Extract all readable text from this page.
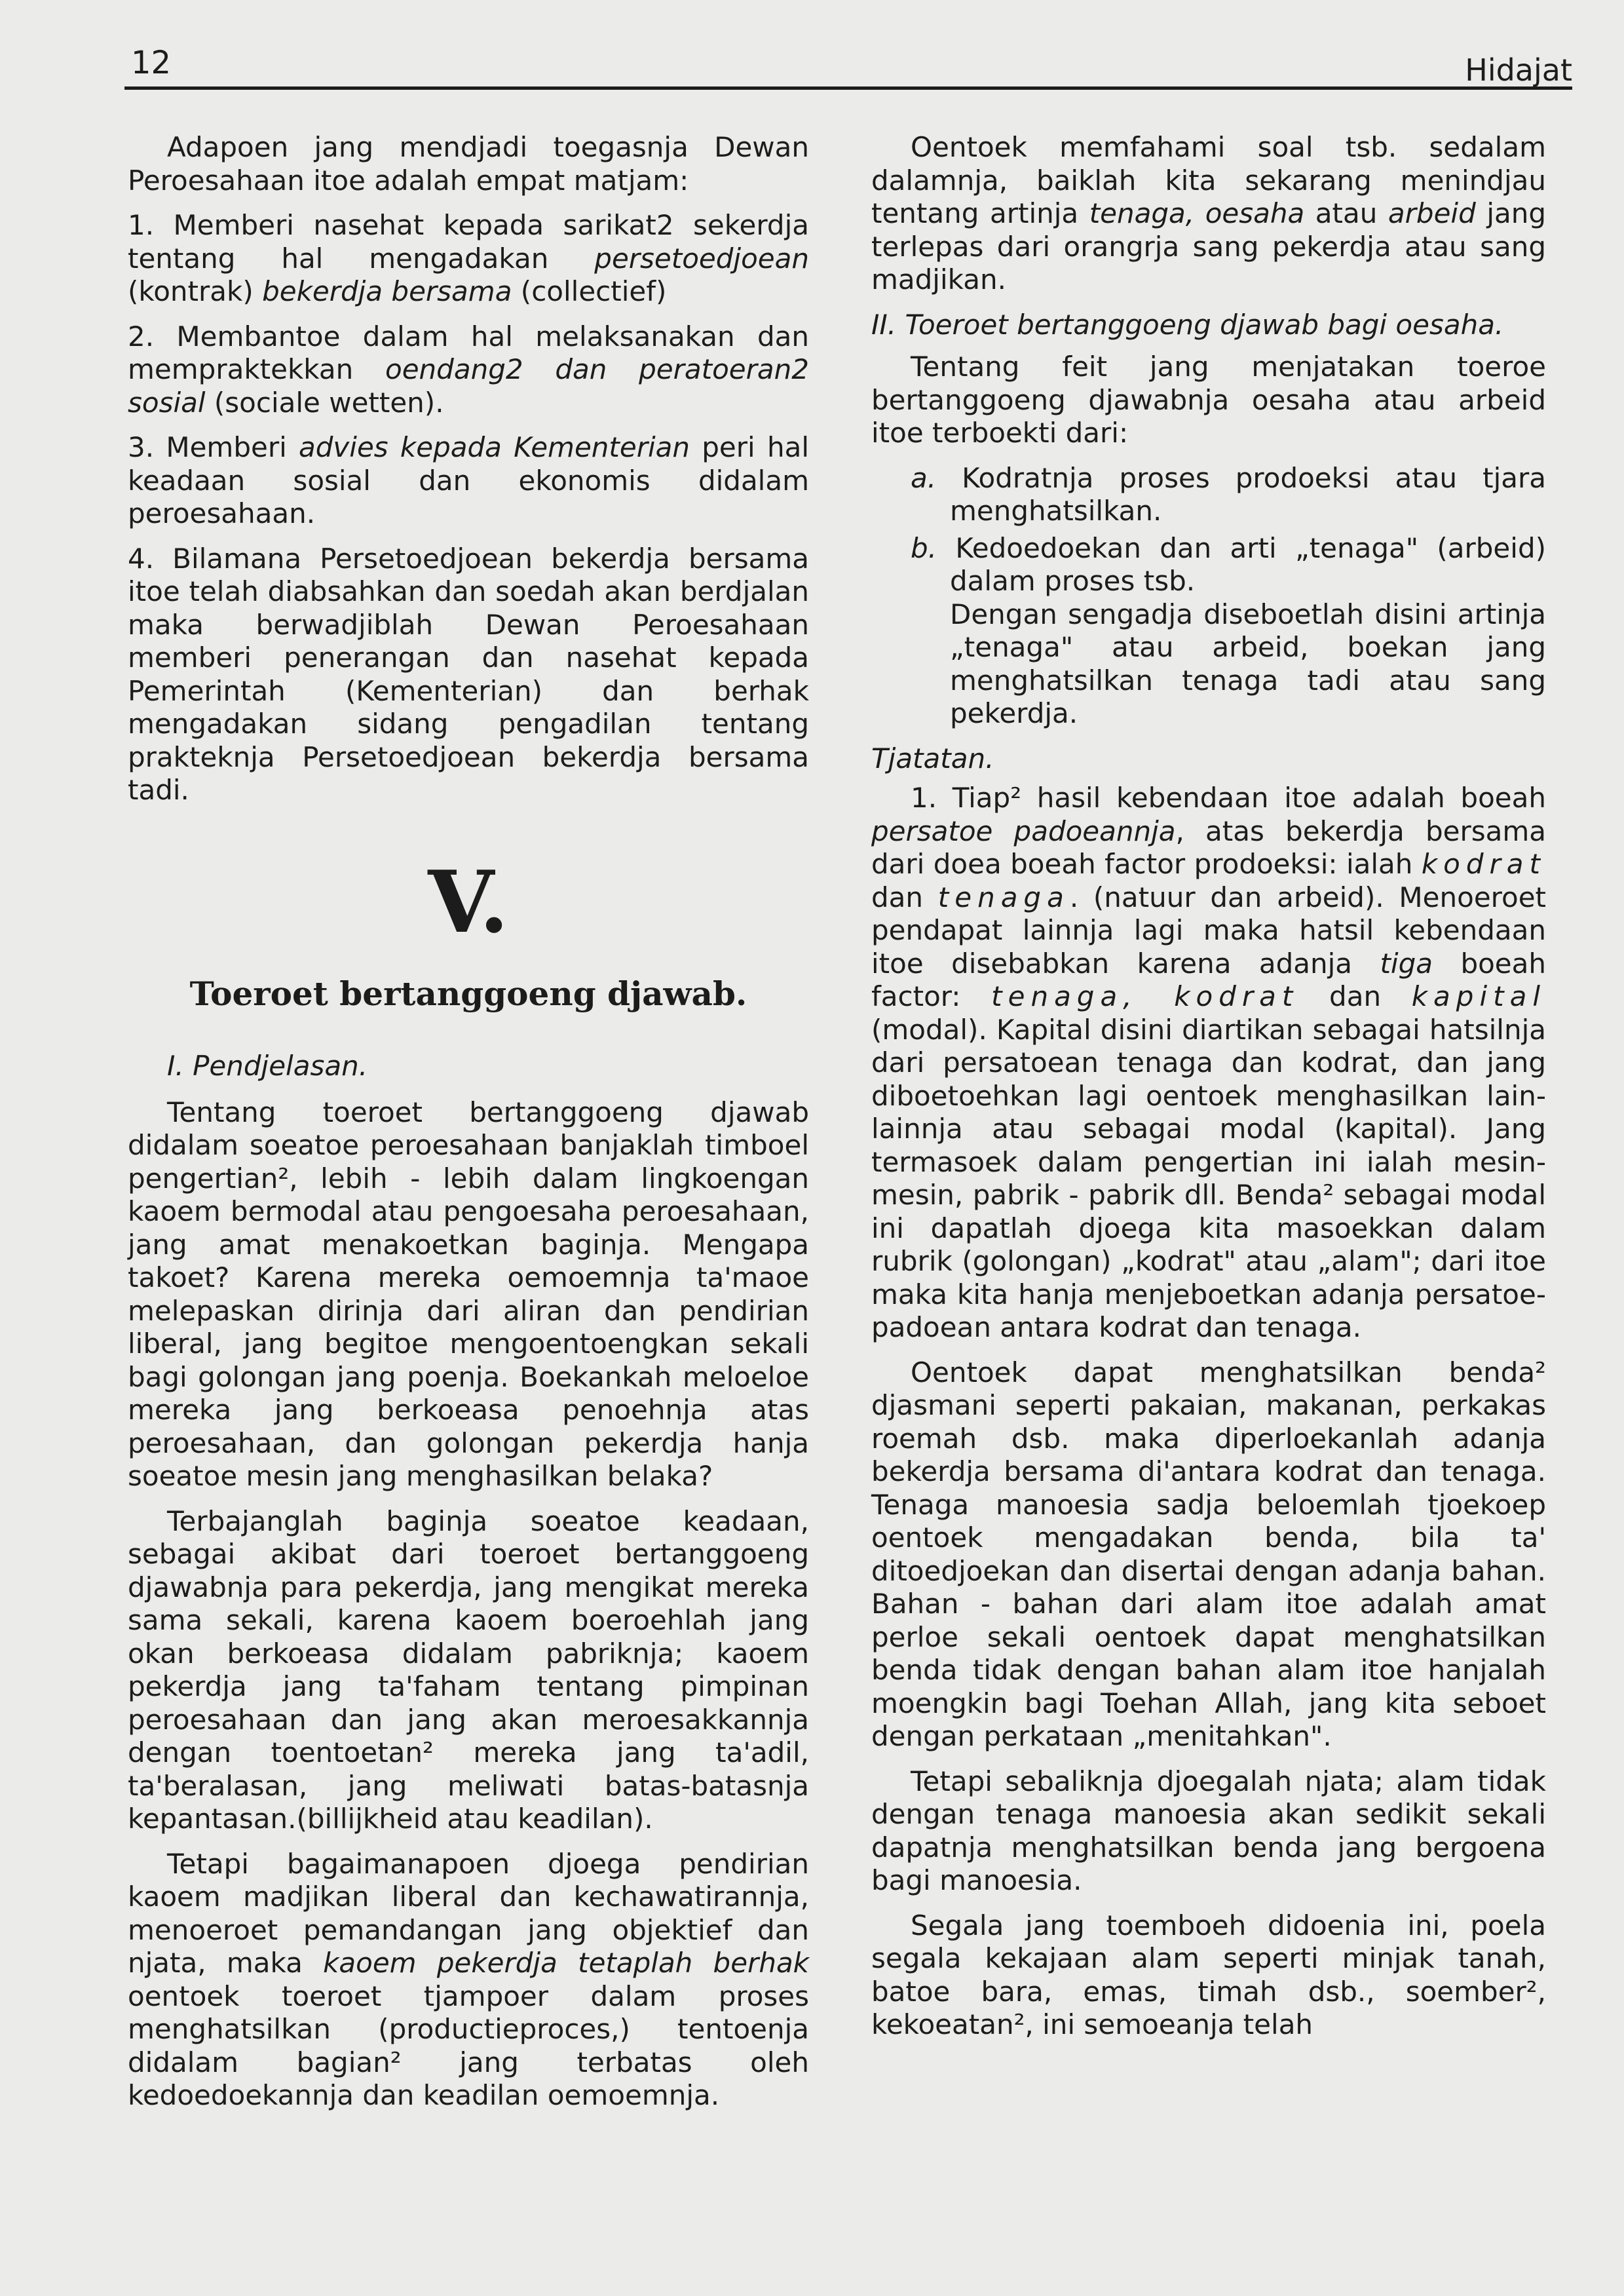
12	Hidajat

Adapoen jang mendjadi toegasnja Dewan Peroesahaan itoe adalah empat matjam:

1. Memberi nasehat kepada sarikat2 sekerdja tentang hal mengadakan persetoedjoean (kontrak) bekerdja bersama (collectief)

2. Membantoe dalam hal melaksanakan dan mempraktekkan oendang2 dan peratoeran2 sosial (sociale wetten).

3. Memberi advies kepada Kementerian peri hal keadaan sosial dan ekonomis didalam peroesahaan.

4. Bilamana Persetoedjoean bekerdja bersama itoe telah diabsahkan dan soedah akan berdjalan maka berwadjiblah Dewan Peroesahaan memberi penerangan dan nasehat kepada Pemerintah (Kementerian) dan berhak mengadakan sidang pengadilan tentang prakteknja Persetoedjoean bekerdja bersama tadi.

V.
Toeroet bertanggoeng djawab.

I. Pendjelasan.

Tentang toeroet bertanggoeng djawab didalam soeatoe peroesahaan banjaklah timboel pengertian², lebih - lebih dalam lingkoengan kaoem bermodal atau pengoesaha peroesahaan, jang amat menakoetkan baginja. Mengapa takoet? Karena mereka oemoemnja ta'maoe melepaskan dirinja dari aliran dan pendirian liberal, jang begitoe mengoentoengkan sekali bagi golongan jang poenja. Boekankah meloeloe mereka jang berkoeasa penoehnja atas peroesahaan, dan golongan pekerdja hanja soeatoe mesin jang menghasilkan belaka?

Terbajanglah baginja soeatoe keadaan, sebagai akibat dari toeroet bertanggoeng djawabnja para pekerdja, jang mengikat mereka sama sekali, karena kaoem boeroehlah jang okan berkoeasa didalam pabriknja; kaoem pekerdja jang ta'faham tentang pimpinan peroesahaan dan jang akan meroesakkannja dengan toentoetan² mereka jang ta'adil, ta'beralasan, jang meliwati batas-batasnja kepantasan.(billijkheid atau keadilan).

Tetapi bagaimanapoen djoega pendirian kaoem madjikan liberal dan kechawatirannja, menoeroet pemandangan jang objektief dan njata, maka kaoem pekerdja tetaplah berhak oentoek toeroet tjampoer dalam proses menghatsilkan (productieproces,) tentoenja didalam bagian² jang terbatas oleh kedoedoekannja dan keadilan oemoemnja.

Oentoek memfahami soal tsb. sedalam dalamnja, baiklah kita sekarang menindjau tentang artinja tenaga, oesaha atau arbeid jang terlepas dari orangrja sang pekerdja atau sang madjikan.

II. Toeroet bertanggoeng djawab bagi oesaha.

Tentang feit jang menjatakan toeroe bertanggoeng djawabnja oesaha atau arbeid itoe terboekti dari:

a. Kodratnja proses prodoeksi atau tjara menghatsilkan.

b. Kedoedoekan dan arti „tenaga" (arbeid) dalam proses tsb.

Dengan sengadja diseboetlah disini artinja „tenaga" atau arbeid, boekan jang menghatsilkan tenaga tadi atau sang pekerdja.

Tjatatan.

1. Tiap² hasil kebendaan itoe adalah boeah persatoe padoeannja, atas bekerdja bersama dari doea boeah factor prodoeksi: ialah kodrat dan tenaga. (natuur dan arbeid). Menoeroet pendapat lainnja lagi maka hatsil kebendaan itoe disebabkan karena adanja tiga boeah factor: tenaga, kodrat dan kapital (modal). Kapital disini diartikan sebagai hatsilnja dari persatoean tenaga dan kodrat, dan jang diboetoehkan lagi oentoek menghasilkan lain-lainnja atau sebagai modal (kapital). Jang termasoek dalam pengertian ini ialah mesin-mesin, pabrik - pabrik dll. Benda² sebagai modal ini dapatlah djoega kita masoekkan dalam rubrik (golongan) „kodrat" atau „alam"; dari itoe maka kita hanja menjeboetkan adanja persatoe-padoean antara kodrat dan tenaga.

Oentoek dapat menghatsilkan benda² djasmani seperti pakaian, makanan, perkakas roemah dsb. maka diperloekanlah adanja bekerdja bersama di'antara kodrat dan tenaga. Tenaga manoesia sadja beloemlah tjoekoep oentoek mengadakan benda, bila ta' ditoedjoekan dan disertai dengan adanja bahan. Bahan - bahan dari alam itoe adalah amat perloe sekali oentoek dapat menghatsilkan benda tidak dengan bahan alam itoe hanjalah moengkin bagi Toehan Allah, jang kita seboet dengan perkataan „menitahkan".

Tetapi sebaliknja djoegalah njata; alam tidak dengan tenaga manoesia akan sedikit sekali dapatnja menghatsilkan benda jang bergoena bagi manoesia.

Segala jang toemboeh didoenia ini, poela segala kekajaan alam seperti minjak tanah, batoe bara, emas, timah dsb., soember², kekoeatan², ini semoeanja telah
